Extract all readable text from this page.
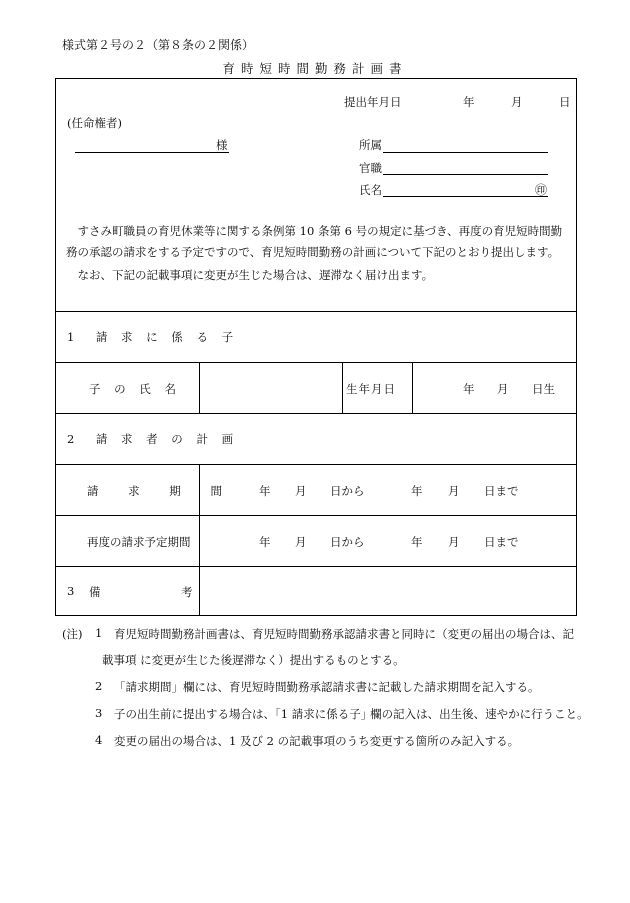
様式第２号の２（第８条の２関係）
育時短時間勤務計画書
提出年月日	年	月	日
(任命権者)
様	所属
官職
氏名	㊞
すさみ町職員の育児休業等に関する条例第 10 条第 6 号の規定に基づき、再度の育児短時間勤務の承認の請求をする予定ですので、育児短時間勤務の計画について下記のとおり提出します。
なお、下記の記載事項に変更が生じた場合は、遅滞なく届け出ます。
1　請 求 に 係 る 子
子 の 氏 名	生年月日	年 月 日生
2　請 求 者 の 計 画
請 求 期 間 年 月 日から	年 月 日まで
再度の請求予定期間	年 月 日から	年 月 日まで
3 備	考
(注) 1 育児短時間勤務計画書は、育児短時間勤務承認請求書と同時に（変更の届出の場合は、記
載事項 に変更が生じた後遅滞なく）提出するものとする。
2 「請求期間」欄には、育児短時間勤務承認請求書に記載した請求期間を記入する。
3 子の出生前に提出する場合は、｢1 請求に係る子｣ 欄の記入は、出生後、速やかに行うこと。
4 変更の届出の場合は、1 及び 2 の記載事項のうち変更する箇所のみ記入する。
